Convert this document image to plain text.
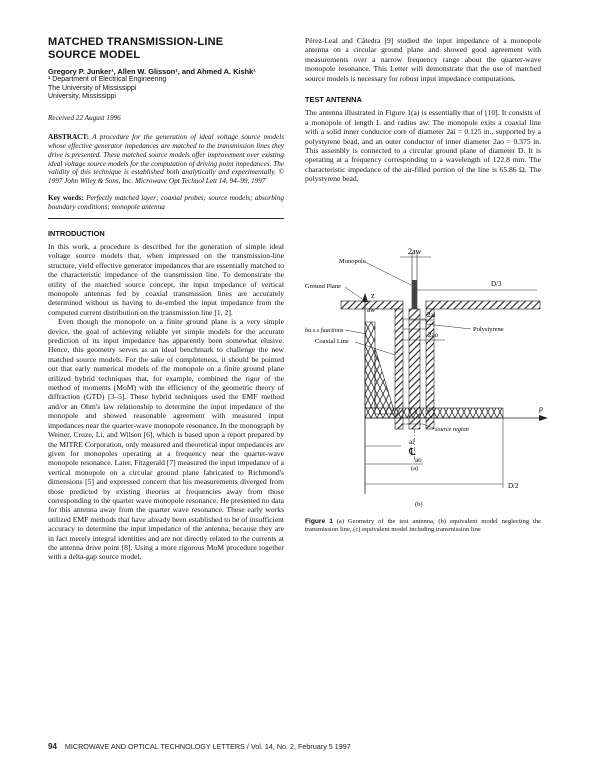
MATCHED TRANSMISSION-LINE
SOURCE MODEL
Gregory P. Junker¹, Allen W. Glisson¹, and Ahmed A. Kishk¹
¹ Department of Electrical Engineering
The University of Mississippi
University, Mississippi
Received 22 August 1996
ABSTRACT: A procedure for the generation of ideal voltage source models whose effective generator impedances are matched to the transmission lines they drive is presented. These matched source models offer improvement over existing ideal voltage source models for the computation of driving point impedances. The validity of this technique is established both analytically and experimentally. © 1997 John Wiley & Sons, Inc. Microwave Opt Technol Lett 14, 94–99, 1997
Key words: Perfectly matched layer; coaxial probes; source models; absorbing boundary conditions; monopole antenna
INTRODUCTION

In this work, a procedure is described for the generation of simple ideal voltage source models that, when impressed on the transmission-line structure, yield effective generator impedances that are essentially matched to the characteristic impedance of the transmission line. To demonstrate the utility of the matched source concept, the input impedance of vertical monopole antennas fed by coaxial transmission lines are accurately determined without us having to de-embed the input impedance from the computed current distribution on the transmission line [1, 2].

Even though the monopole on a finite ground plane is a very simple device, the goal of achieving reliable yet simple models for the accurate prediction of its input impedance has apparently been somewhat elusive. Hence, this geometry serves as an ideal benchmark to challenge the new matched source models. For the sake of completeness, it should be pointed out that early numerical models of the monopole on a finite ground plane utilized hybrid techniques that, for example, combined the rigor of the method of moments (MoM) with the efficiency of the geometric theory of diffraction (GTD) [3–5]. These hybrid techniques used the EMF method and/or an Ohm's law relationship to determine the input impedance of the monopole and showed reasonable agreement with measured input impedances near the quarter-wave monopole resonance. In the monograph by Weiner, Cruze, Li, and Wilson [6], which is based upon a report prepared by the MITRE Corporation, only measured and theoretical input impedances are given for monopoles operating at a frequency near the quarter-wave monopole resonance. Later, Fitzgerald [7] measured the input impedance of a vertical monopole on a circular ground plane fabricated to Richmond's dimensions [5] and expressed concern that his measurements diverged from those predicted by existing theories at frequencies away from those corresponding to the quarter wave monopole resonance. He presented no data for this antenna away from the quarter wave resonance. These early works utilized EMF methods that have already been established to be of insufficient accuracy to determine the input impedance of the antenna, because they are in fact merely integral identities and are not directly related to the currents at the antenna drive point [8]. Using a more rigorous MoM procedure together with a delta-gap source model,

Pérez-Leal and Cátedra [9] studied the input impedance of a monopole antenna on a circular ground plane and showed good agreement with measurements over a narrow frequency range about the quarter-wave monopole resonance. This Letter will demonstrate that the use of matched source models is necessary for robust input impedance computations.

TEST ANTENNA

The antenna illustrated in Figure 1(a) is essentially that of [10]. It consists of a monopole of length L and radius aw. The monopole exits a coaxial line with a solid inner conductor core of diameter 2ai = 0.125 in., supported by a polystyrene bead, and an outer conductor of inner diameter 2ao = 0.375 in. This assembly is connected to a circular ground plane of diameter D. It is operating at a frequency corresponding to a wavelength of 122.8 mm. The characteristic impedance of the air-filled portion of the line is 65.86 Ω. The polystyrene bead,

2aw
Monopole
Ground Plane	D/3
2ai
2ao
Polystyrene
Coaxial Line
℄
(a)
z
aw
ba.s.s fuactions
ρ
source region
ai
ao
D/2
(b)
Figure 1 (a) Geometry of the test antenna, (b) equivalent model neglecting the transmission line, (c) equivalent model including transmission line
94 MICROWAVE AND OPTICAL TECHNOLOGY LETTERS / Vol. 14, No. 2, February 5 1997
